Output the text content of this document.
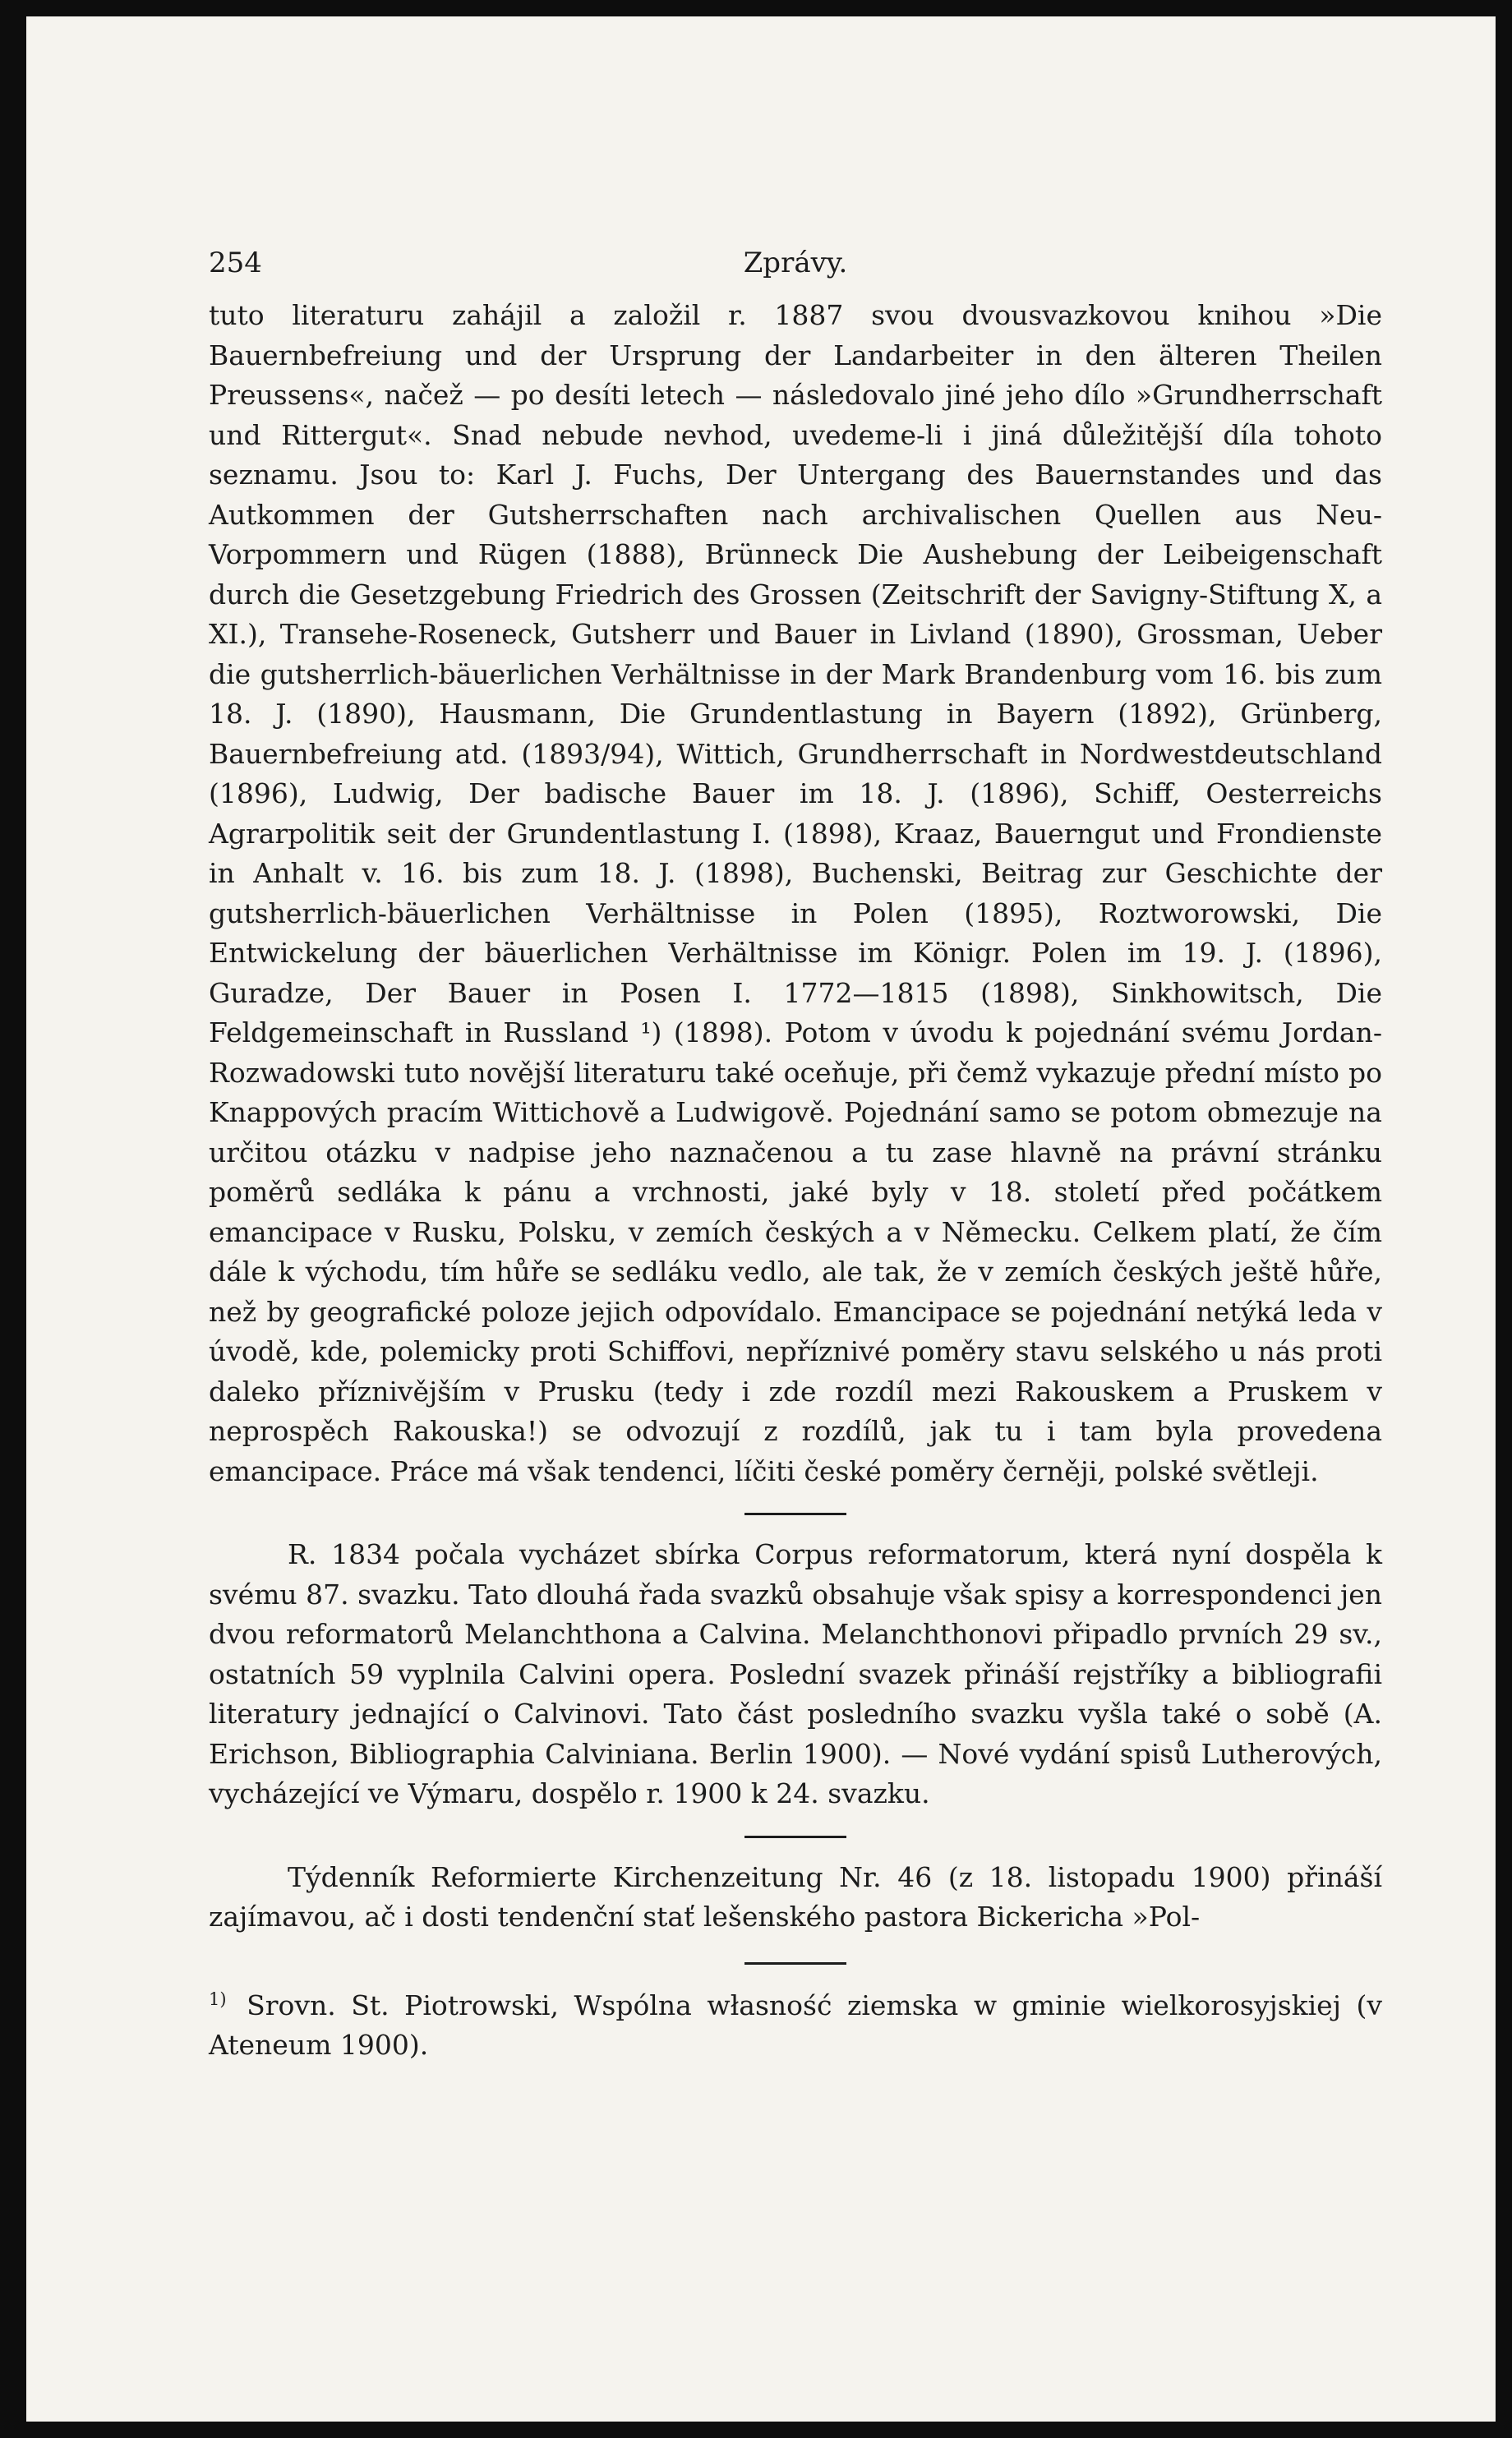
254	Zprávy.

tuto literaturu zahájil a založil r. 1887 svou dvousvazkovou knihou »Die Bauernbefreiung und der Ursprung der Landarbeiter in den älteren Theilen Preussens«, načež — po desíti letech — následovalo jiné jeho dílo »Grundherrschaft und Rittergut«. Snad nebude nevhod, uvedeme-li i jiná důležitější díla tohoto seznamu. Jsou to: Karl J. Fuchs, Der Untergang des Bauernstandes und das Autkommen der Gutsherrschaften nach archivalischen Quellen aus Neu-Vorpommern und Rügen (1888), Brünneck Die Aushebung der Leibeigenschaft durch die Gesetzgebung Friedrich des Grossen (Zeitschrift der Savigny-Stiftung X, a XI.), Transehe-Roseneck, Gutsherr und Bauer in Livland (1890), Grossman, Ueber die gutsherrlich-bäuerlichen Verhältnisse in der Mark Brandenburg vom 16. bis zum 18. J. (1890), Hausmann, Die Grundentlastung in Bayern (1892), Grünberg, Bauernbefreiung atd. (1893/94), Wittich, Grundherrschaft in Nordwestdeutschland (1896), Ludwig, Der badische Bauer im 18. J. (1896), Schiff, Oesterreichs Agrarpolitik seit der Grundentlastung I. (1898), Kraaz, Bauerngut und Frondienste in Anhalt v. 16. bis zum 18. J. (1898), Buchenski, Beitrag zur Geschichte der gutsherrlich-bäuerlichen Verhältnisse in Polen (1895), Roztworowski, Die Entwickelung der bäuerlichen Verhältnisse im Königr. Polen im 19. J. (1896), Guradze, Der Bauer in Posen I. 1772—1815 (1898), Sinkhowitsch, Die Feldgemeinschaft in Russland ¹) (1898). Potom v úvodu k pojednání svému Jordan-Rozwadowski tuto novější literaturu také oceňuje, při čemž vykazuje přední místo po Knappových pracím Wittichově a Ludwigově. Pojednání samo se potom obmezuje na určitou otázku v nadpise jeho naznačenou a tu zase hlavně na právní stránku poměrů sedláka k pánu a vrchnosti, jaké byly v 18. století před počátkem emancipace v Rusku, Polsku, v zemích českých a v Německu. Celkem platí, že čím dále k východu, tím hůře se sedláku vedlo, ale tak, že v zemích českých ještě hůře, než by geografické poloze jejich odpovídalo. Emancipace se pojednání netýká leda v úvodě, kde, polemicky proti Schiffovi, nepříznivé poměry stavu selského u nás proti daleko příznivějším v Prusku (tedy i zde rozdíl mezi Rakouskem a Pruskem v neprospěch Rakouska!) se odvozují z rozdílů, jak tu i tam byla provedena emancipace. Práce má však tendenci, líčiti české poměry černěji, polské světleji.

R. 1834 počala vycházet sbírka Corpus reformatorum, která nyní dospěla k svému 87. svazku. Tato dlouhá řada svazků obsahuje však spisy a korrespondenci jen dvou reformatorů Melanchthona a Calvina. Melanchthonovi připadlo prvních 29 sv., ostatních 59 vyplnila Calvini opera. Poslední svazek přináší rejstříky a bibliografii literatury jednající o Calvinovi. Tato část posledního svazku vyšla také o sobě (A. Erichson, Bibliographia Calviniana. Berlin 1900). — Nové vydání spisů Lutherových, vycházející ve Výmaru, dospělo r. 1900 k 24. svazku.

Týdenník Reformierte Kirchenzeitung Nr. 46 (z 18. listopadu 1900) přináší zajímavou, ač i dosti tendenční stať lešenského pastora Bickericha »Pol-

$^{1)}$ Srovn. St. Piotrowski, Wspólna własność ziemska w gminie wielkorosyjskiej (v Ateneum 1900).
